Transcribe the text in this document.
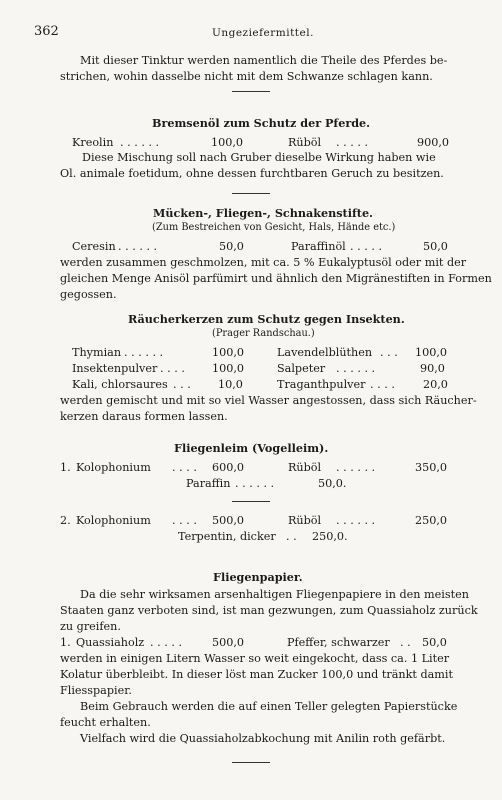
362	Ungeziefermittel.
Mit dieser Tinktur werden namentlich die Theile des Pferdes be-
strichen, wohin dasselbe nicht mit dem Schwanze schlagen kann.
Bremsenöl zum Schutz der Pferde.
Kreolin . . . . . .	100,0	Rüböl . . . . .	900,0
Diese Mischung soll nach Gruber dieselbe Wirkung haben wie
Ol. animale foetidum, ohne dessen furchtbaren Geruch zu besitzen.
Mücken-, Fliegen-, Schnakenstifte.
(Zum Bestreichen von Gesicht, Hals, Hände etc.)
Ceresin . . . . . .	50,0	Paraffinöl . . . . .	50,0
werden zusammen geschmolzen, mit ca. 5 % Eukalyptusöl oder mit der
gleichen Menge Anisöl parfümirt und ähnlich den Migränestiften in Formen
gegossen.
Räucherkerzen zum Schutz gegen Insekten.
(Prager Randschau.)
Thymian . . . . . .	100,0	Lavendelblüthen . . . 100,0
Insektenpulver . . . . 100,0	Salpeter . . . . . .	90,0
Kali, chlorsaures . . . 10,0	Traganthpulver . . . .	20,0
werden gemischt und mit so viel Wasser angestossen, dass sich Räucher-
kerzen daraus formen lassen.
Fliegenleim (Vogelleim).
1. Kolophonium . . . . 600,0	Rüböl . . . . . .	350,0
Paraffin . . . . . .	50,0.
2. Kolophonium . . . . 500,0	Rüböl . . . . . .	250,0
Terpentin, dicker . . 250,0.
Fliegenpapier.
Da die sehr wirksamen arsenhaltigen Fliegenpapiere in den meisten
Staaten ganz verboten sind, ist man gezwungen, zum Quassiaholz zurück
zu greifen.
1. Quassiaholz . . . . .	500,0	Pfeffer, schwarzer . . 50,0
werden in einigen Litern Wasser so weit eingekocht, dass ca. 1 Liter
Kolatur überbleibt. In dieser löst man Zucker 100,0 und tränkt damit
Fliesspapier.
Beim Gebrauch werden die auf einen Teller gelegten Papierstücke
feucht erhalten.
Vielfach wird die Quassiaholzabkochung mit Anilin roth gefärbt.
